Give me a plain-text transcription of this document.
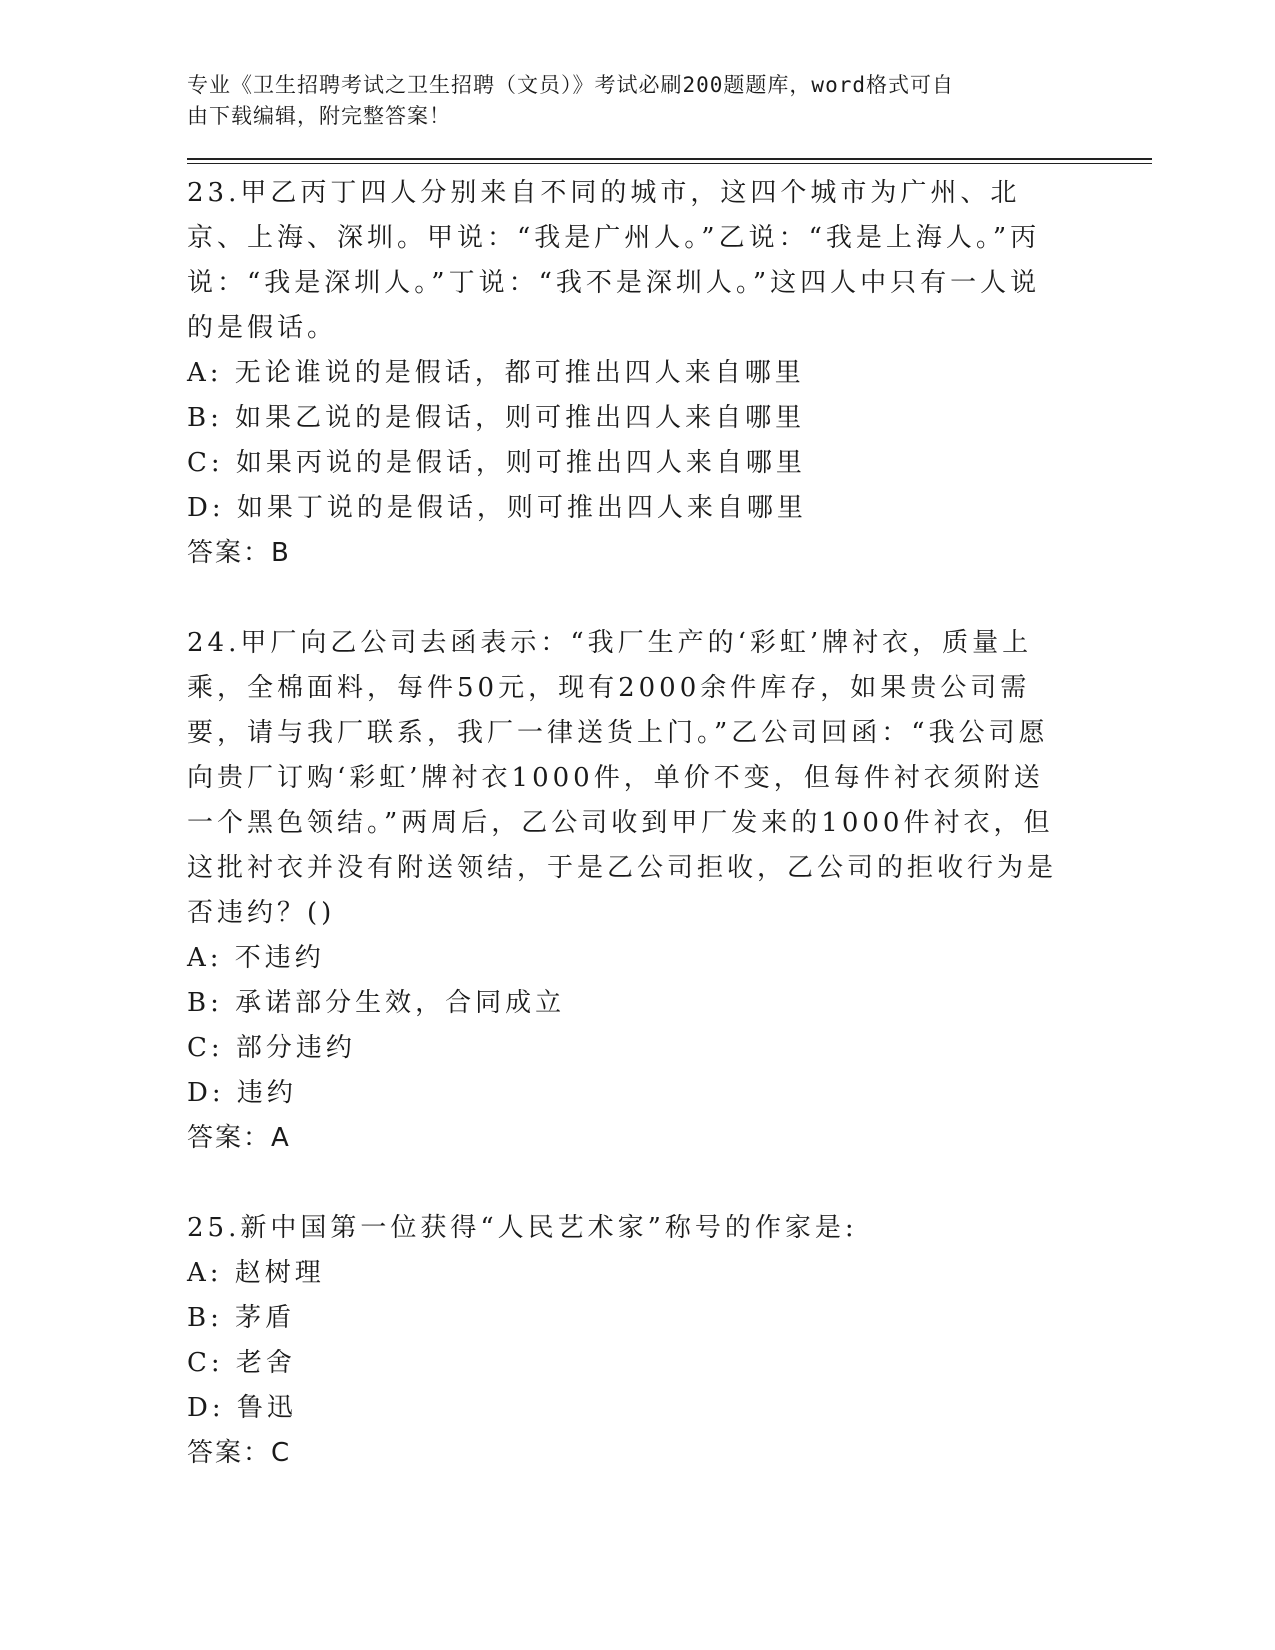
专业《卫生招聘考试之卫生招聘（文员）》考试必刷200题题库，word格式可自
由下载编辑，附完整答案！
23.甲乙丙丁四人分别来自不同的城市，这四个城市为广州、北京、上海、深圳。甲说：“我是广州人。”乙说：“我是上海人。”丙说：“我是深圳人。”丁说：“我不是深圳人。”这四人中只有一人说的是假话。
A: 无论谁说的是假话，都可推出四人来自哪里
B: 如果乙说的是假话，则可推出四人来自哪里
C: 如果丙说的是假话，则可推出四人来自哪里
D: 如果丁说的是假话，则可推出四人来自哪里
答案：B
24.甲厂向乙公司去函表示：“我厂生产的‘彩虹’牌衬衣，质量上乘，全棉面料，每件50元，现有2000余件库存，如果贵公司需要，请与我厂联系，我厂一律送货上门。”乙公司回函：“我公司愿向贵厂订购‘彩虹’牌衬衣1000件，单价不变，但每件衬衣须附送一个黑色领结。”两周后，乙公司收到甲厂发来的1000件衬衣，但这批衬衣并没有附送领结，于是乙公司拒收，乙公司的拒收行为是否违约？()
A: 不违约
B: 承诺部分生效，合同成立
C: 部分违约
D: 违约
答案：A
25.新中国第一位获得“人民艺术家”称号的作家是:
A: 赵树理
B: 茅盾
C: 老舍
D: 鲁迅
答案：C
